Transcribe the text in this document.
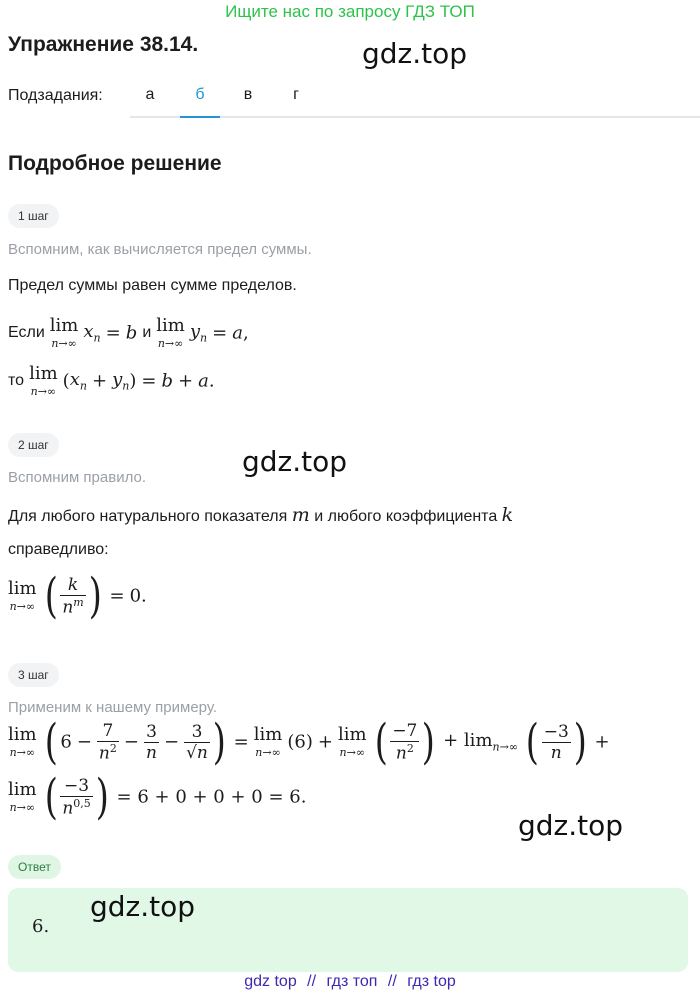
Ищите нас по запросу ГДЗ ТОП
Упражнение 38.14.	gdz.top
Подзадания:	а	б	в	г
Подробное решение
1 шаг
Вспомним, как вычисляется предел суммы.
Предел суммы равен сумме пределов.
Если lim
n→∞
$x_n = b$ и lim
n→∞
$y_n = a$,
то lim
n→∞ $(x_n + y_n) = b + a$.
2 шаг	gdz.top
Вспомним правило.
Для любого натурального показателя m и любого коэффициента k
справедливо:
lim
n→∞ ( $\frac{k}{n^m}$ ) = 0.
3 шаг
Применим к нашему примеру.
lim
n→∞ ( $6 - \frac{7}{n^2} - \frac{3}{n} - \frac{3}{√n}$ ) = lim
n→∞ (6) + lim
n→∞ ( $\frac{-7}{n^2}$ ) + $\lim_{n\to\infty}$ ( $\frac{-3}{n}$ ) +
lim
n→∞ ( $\frac{-3}{n^{0,5}}$ ) = 6 + 0 + 0 + 0 = 6.
gdz.top
Ответ
gdz.top
6.
gdz top // гдз топ // гдз top
